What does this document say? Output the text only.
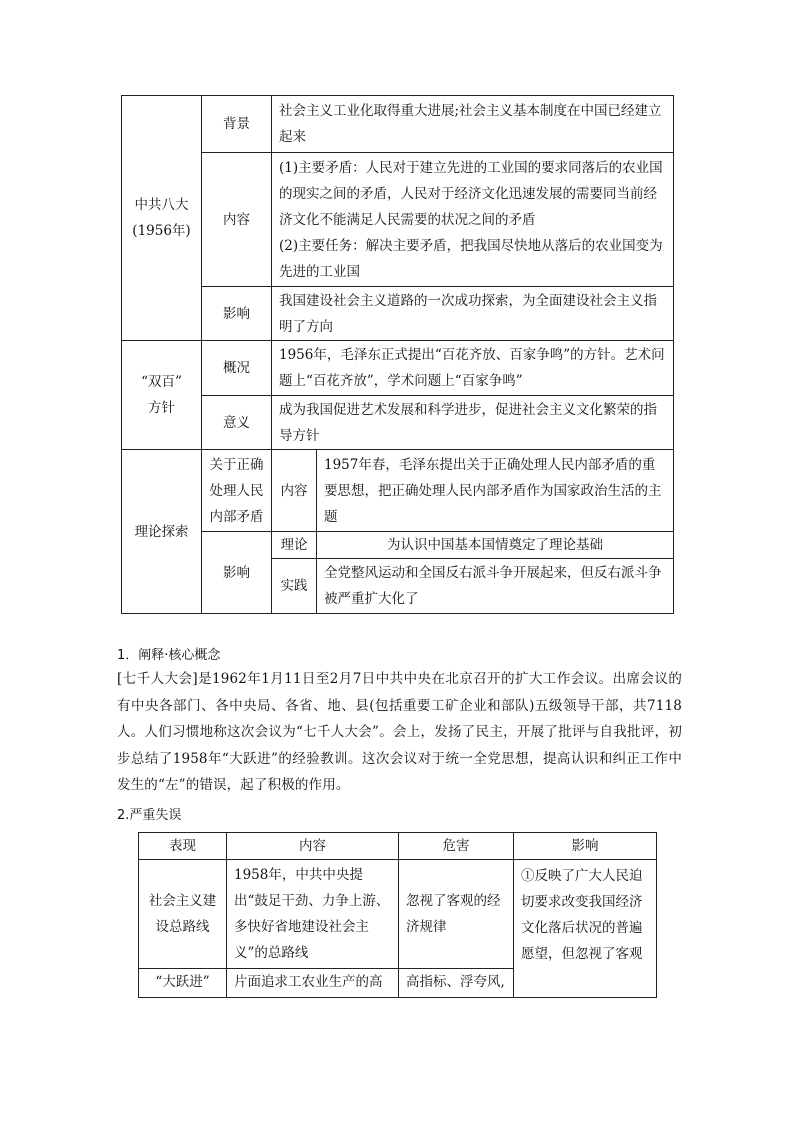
中共八大
(1956年)	背景	社会主义工业化取得重大进展;社会主义基本制度在中国已经建立起来	
	内容	(1)主要矛盾：人民对于建立先进的工业国的要求同落后的农业国的现实之间的矛盾，人民对于经济文化迅速发展的需要同当前经济文化不能满足人民需要的状况之间的矛盾
(2)主要任务：解决主要矛盾，把我国尽快地从落后的农业国变为先进的工业国	

	影响	我国建设社会主义道路的一次成功探索，为全面建设社会主义指明了方向	

“双百”
方针	概况	1956年，毛泽东正式提出“百花齐放、百家争鸣”的方针。艺术问题上“百花齐放”，学术问题上“百家争鸣”	
	意义	成为我国促进艺术发展和科学进步，促进社会主义文化繁荣的指导方针	
理论探索	关于正确
处理人民
内部矛盾	内容	1957年春，毛泽东提出关于正确处理人民内部矛盾的重要思想，把正确处理人民内部矛盾作为国家政治生活的主题
	影响	理论	为认识中国基本国情奠定了理论基础
		实践	全党整风运动和全国反右派斗争开展起来，但反右派斗争被严重扩大化了
1．阐释·核心概念
[七千人大会]是1962年1月11日至2月7日中共中央在北京召开的扩大工作会议。出席会议的有中央各部门、各中央局、各省、地、县(包括重要工矿企业和部队)五级领导干部，共7118人。人们习惯地称这次会议为“七千人大会”。会上，发扬了民主，开展了批评与自我批评，初步总结了1958年“大跃进”的经验教训。这次会议对于统一全党思想，提高认识和纠正工作中发生的“左”的错误，起了积极的作用。
2.严重失误
表现	内容	危害	影响

社会主义建
设总路线	1958年，中共中央提出“鼓足干劲、力争上游、多快好省地建设社会主义”的总路线	忽视了客观的经济规律	①反映了广大人民迫切要求改变我国经济文化落后状况的普遍愿望，但忽视了客观
“大跃进”	片面追求工农业生产的高	高指标、浮夸风,	
